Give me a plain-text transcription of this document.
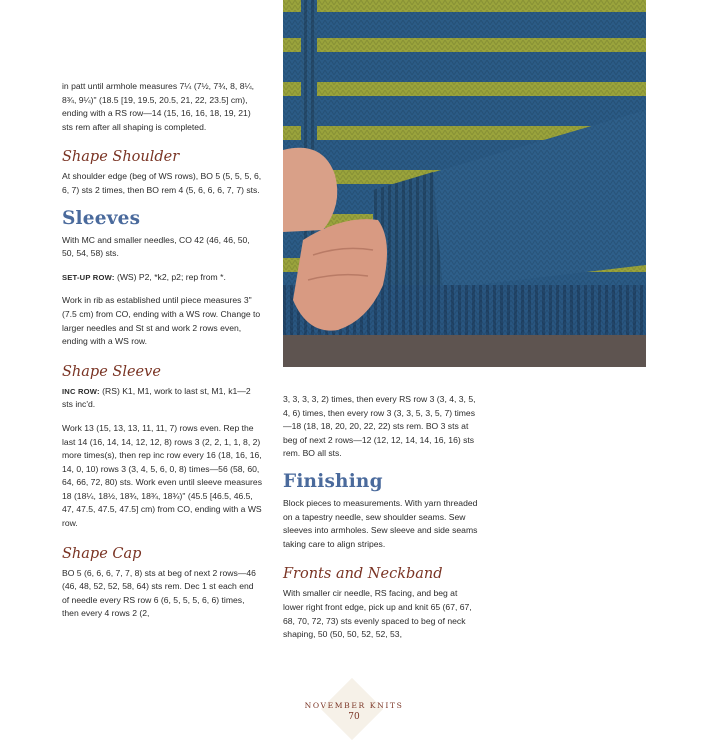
in patt until armhole measures 7¼ (7½, 7¾, 8, 8¼, 8¾, 9¼)" (18.5 [19, 19.5, 20.5, 21, 22, 23.5] cm), ending with a RS row—14 (15, 16, 16, 18, 19, 21) sts rem after all shaping is completed.

Shape Shoulder

At shoulder edge (beg of WS rows), BO 5 (5, 5, 5, 6, 6, 7) sts 2 times, then BO rem 4 (5, 6, 6, 6, 7, 7) sts.

Sleeves

With MC and smaller needles, CO 42 (46, 46, 50, 50, 54, 58) sts.

SET-UP ROW: (WS) P2, *k2, p2; rep from *.

Work in rib as established until piece measures 3" (7.5 cm) from CO, ending with a WS row. Change to larger needles and St st and work 2 rows even, ending with a WS row.

Shape Sleeve

INC ROW: (RS) K1, M1, work to last st, M1, k1—2 sts inc'd.

Work 13 (15, 13, 13, 11, 11, 7) rows even. Rep the last 14 (16, 14, 14, 12, 12, 8) rows 3 (2, 2, 1, 1, 8, 2) more times(s), then rep inc row every 16 (18, 16, 16, 14, 0, 10) rows 3 (3, 4, 5, 6, 0, 8) times—56 (58, 60, 64, 66, 72, 80) sts. Work even until sleeve measures 18 (18¼, 18½, 18¾, 18¾, 18¾)" (45.5 [46.5, 46.5, 47, 47.5, 47.5, 47.5] cm) from CO, ending with a WS row.

Shape Cap

BO 5 (6, 6, 6, 7, 7, 8) sts at beg of next 2 rows—46 (46, 48, 52, 52, 58, 64) sts rem. Dec 1 st each end of needle every RS row 6 (6, 5, 5, 5, 6, 6) times, then every 4 rows 2 (2,

3, 3, 3, 3, 2) times, then every RS row 3 (3, 4, 3, 5, 4, 6) times, then every row 3 (3, 3, 5, 3, 5, 7) times—18 (18, 18, 20, 20, 22, 22) sts rem. BO 3 sts at beg of next 2 rows—12 (12, 12, 14, 14, 16, 16) sts rem. BO all sts.

Finishing

Block pieces to measurements. With yarn threaded on a tapestry needle, sew shoulder seams. Sew sleeves into armholes. Sew sleeve and side seams taking care to align stripes.

Fronts and Neckband

With smaller cir needle, RS facing, and beg at lower right front edge, pick up and knit 65 (67, 67, 68, 70, 72, 73) sts evenly spaced to beg of neck shaping, 50 (50, 50, 52, 52, 53,

NOVEMBER KNITS
70
